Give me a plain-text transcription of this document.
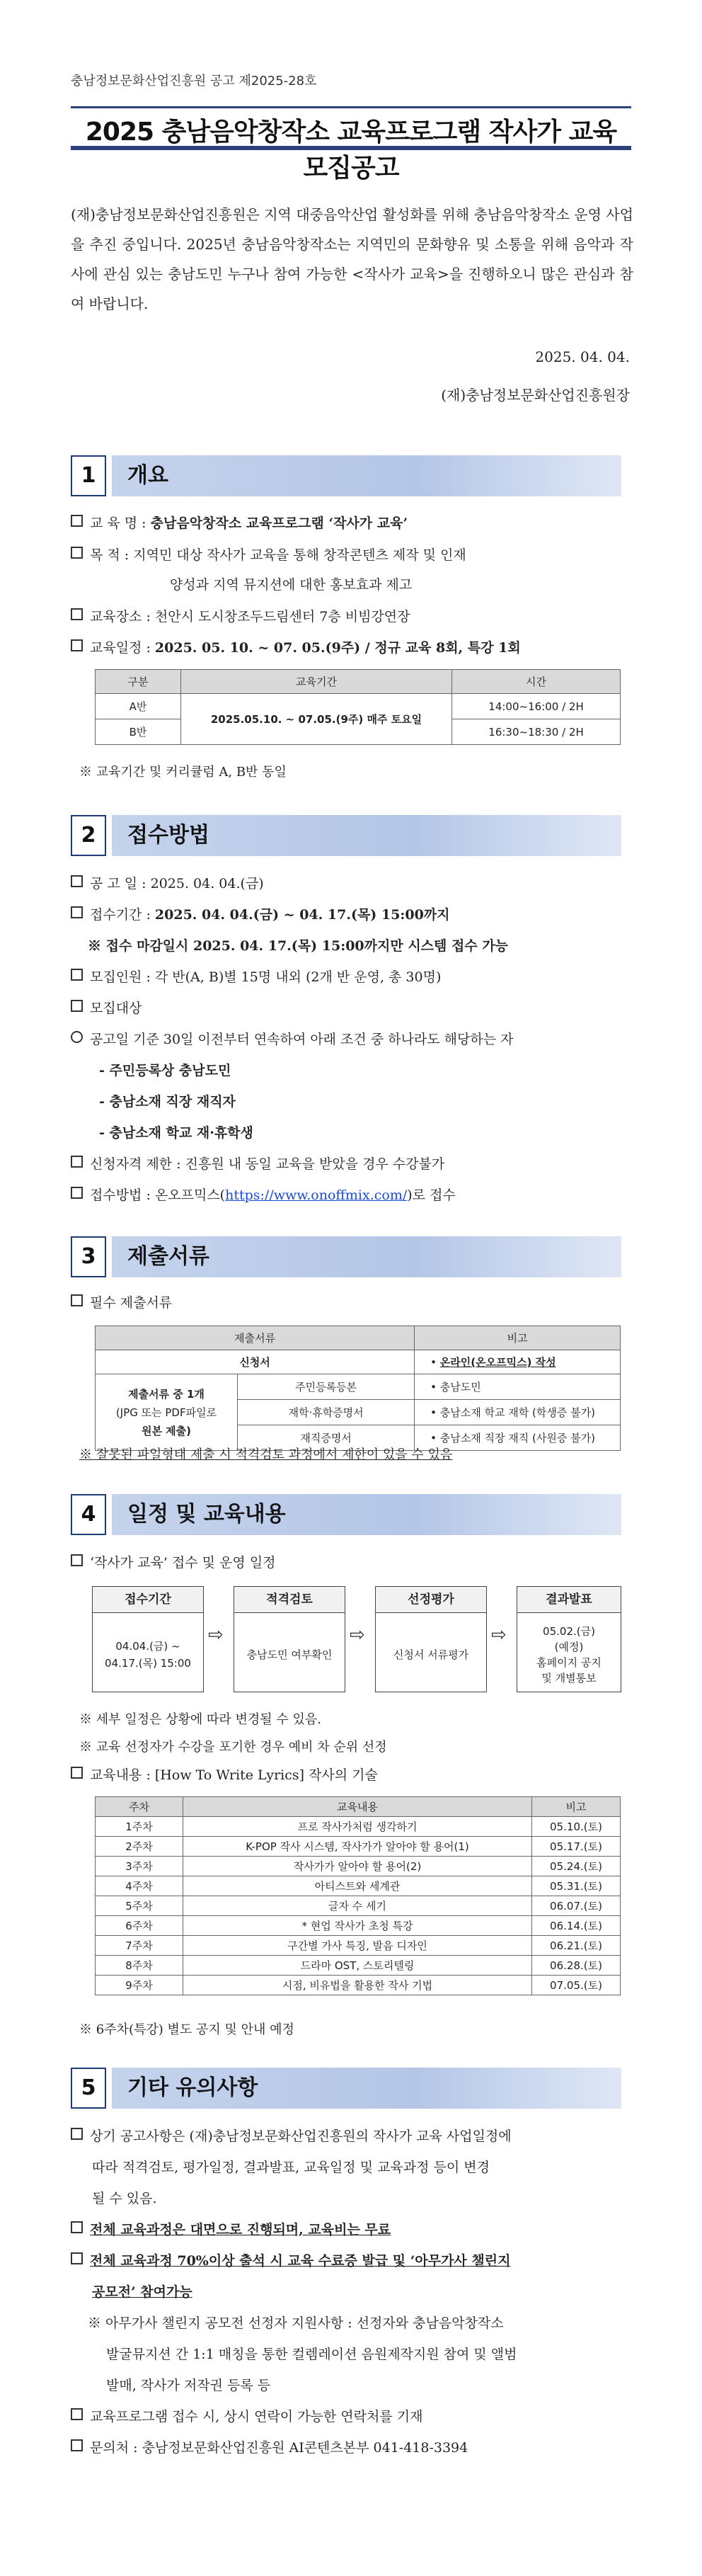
충남정보문화산업진흥원 공고 제2025-28호
2025 충남음악창작소 교육프로그램 작사가 교육 모집공고
(재)충남정보문화산업진흥원은 지역 대중음악산업 활성화를 위해 충남음악창작소 운영 사업을 추진 중입니다. 2025년 충남음악창작소는 지역민의 문화향유 및 소통을 위해 음악과 작사에 관심 있는 충남도민 누구나 참여 가능한 <작사가 교육>을 진행하오니 많은 관심과 참여 바랍니다.
2025. 04. 04.
(재)충남정보문화산업진흥원장
1	개요
교 육 명 : 충남음악창작소 교육프로그램 ‘작사가 교육’
목 적 : 지역민 대상 작사가 교육을 통해 창작콘텐츠 제작 및 인재
양성과 지역 뮤지션에 대한 홍보효과 제고
교육장소 : 천안시 도시창조두드림센터 7층 비빔강연장
교육일정 : 2025. 05. 10. ~ 07. 05.(9주) / 정규 교육 8회, 특강 1회
구분	교육기간	시간
A반	2025.05.10. ~ 07.05.(9주) 매주 토요일	14:00~16:00 / 2H
B반		16:30~18:30 / 2H
※ 교육기간 및 커리큘럼 A, B반 동일
2	접수방법
공 고 일 : 2025. 04. 04.(금)
접수기간 : 2025. 04. 04.(금) ~ 04. 17.(목) 15:00까지
※ 접수 마감일시 2025. 04. 17.(목) 15:00까지만 시스템 접수 가능
모집인원 : 각 반(A, B)별 15명 내외 (2개 반 운영, 총 30명)
모집대상
공고일 기준 30일 이전부터 연속하여 아래 조건 중 하나라도 해당하는 자
- 주민등록상 충남도민
- 충남소재 직장 재직자
- 충남소재 학교 재·휴학생
신청자격 제한 : 진흥원 내 동일 교육을 받았을 경우 수강불가
접수방법 : 온오프믹스(https://www.onoffmix.com/)로 접수
3	제출서류
필수 제출서류
제출서류		비고
신청서		• 온라인(온오프믹스) 작성
제출서류 중 1개
(JPG 또는 PDF파일로
원본 제출)	주민등록등본	• 충남도민
	재학·휴학증명서	• 충남소재 학교 재학 (학생증 불가)
	재직증명서	• 충남소재 직장 재직 (사원증 불가)
※ 잘못된 파일형태 제출 시 적격검토 과정에서 제한이 있을 수 있음
4	일정 및 교육내용
‘작사가 교육’ 접수 및 운영 일정
접수기간
04.04.(금) ~
04.17.(목) 15:00
⇨
적격검토
충남도민 여부확인
⇨
선정평가
신청서 서류평가
⇨
결과발표
05.02.(금)
(예정)
홈페이지 공지
및 개별통보
※ 세부 일정은 상황에 따라 변경될 수 있음.
※ 교육 선정자가 수강을 포기한 경우 예비 차 순위 선정
교육내용 : [How To Write Lyrics] 작사의 기술
주차	교육내용	비고
1주차	프로 작사가처럼 생각하기	05.10.(토)
2주차	K-POP 작사 시스템, 작사가가 알아야 할 용어(1)	05.17.(토)
3주차	작사가가 알아야 할 용어(2)	05.24.(토)
4주차	아티스트와 세계관	05.31.(토)
5주차	글자 수 세기	06.07.(토)
6주차	* 현업 작사가 초청 특강	06.14.(토)
7주차	구간별 가사 특징, 발음 디자인	06.21.(토)
8주차	드라마 OST, 스토리텔링	06.28.(토)
9주차	시점, 비유법을 활용한 작사 기법	07.05.(토)
※ 6주차(특강) 별도 공지 및 안내 예정
5	기타 유의사항
상기 공고사항은 (재)충남정보문화산업진흥원의 작사가 교육 사업일정에
따라 적격검토, 평가일정, 결과발표, 교육일정 및 교육과정 등이 변경
될 수 있음.
전체 교육과정은 대면으로 진행되며, 교육비는 무료
전체 교육과정 70%이상 출석 시 교육 수료증 발급 및 ‘아무가사 챌린지
공모전’ 참여가능
※ 아무가사 챌린지 공모전 선정자 지원사항 : 선정자와 충남음악창작소
발굴뮤지션 간 1:1 매칭을 통한 컬렘레이션 음원제작지원 참여 및 앨범
발매, 작사가 저작권 등록 등
교육프로그램 접수 시, 상시 연락이 가능한 연락처를 기재
문의처 : 충남정보문화산업진흥원 AI콘텐츠본부 041-418-3394
